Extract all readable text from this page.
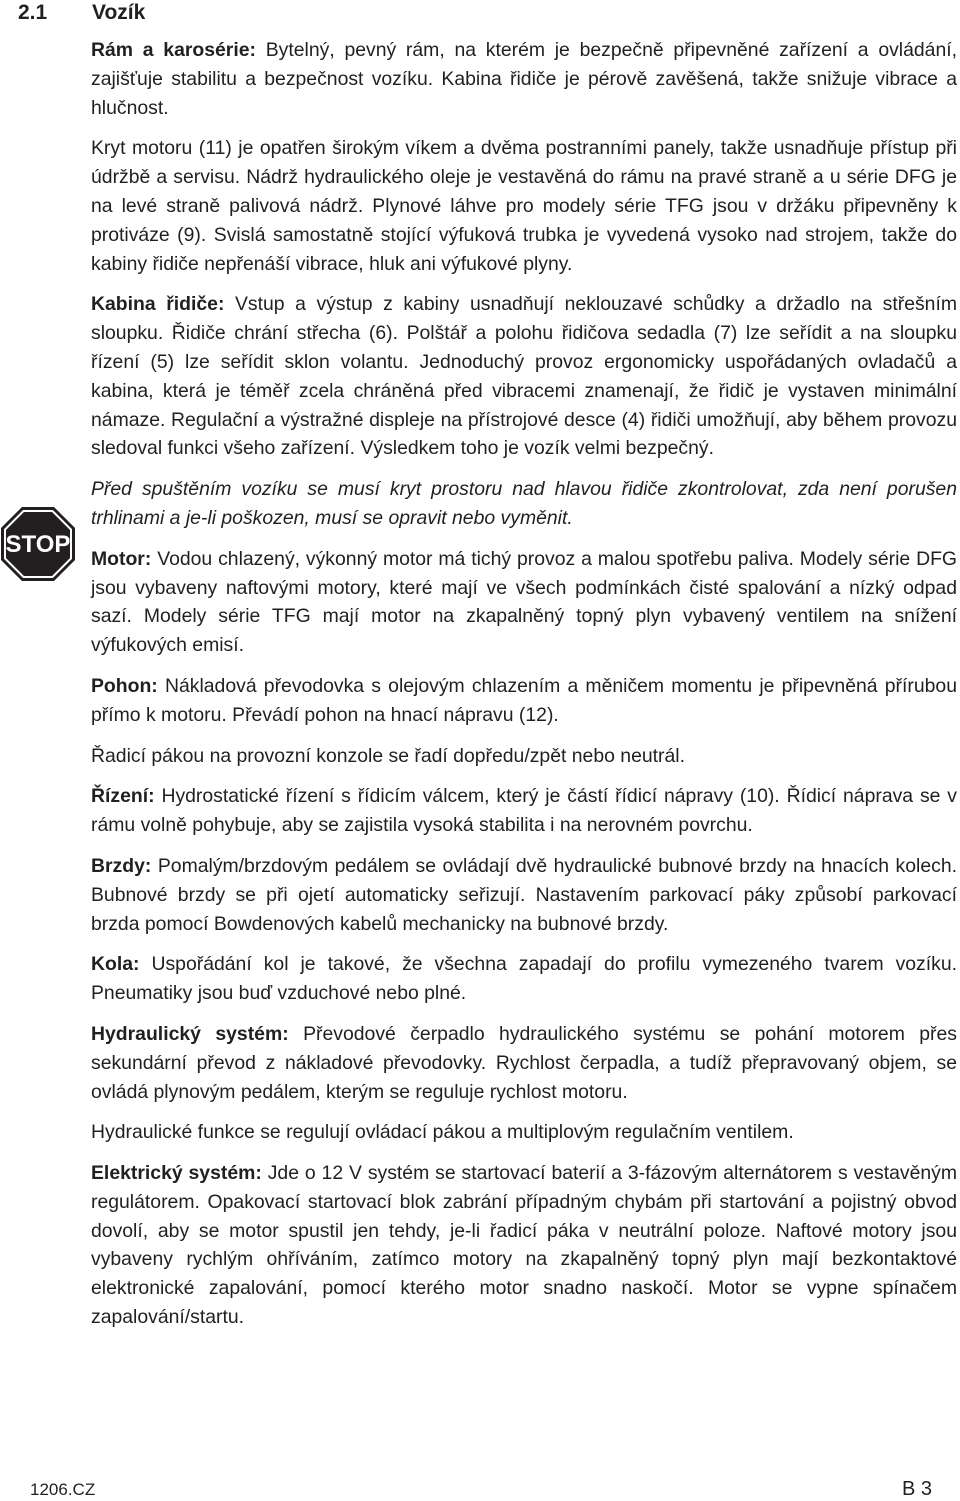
2.1 Vozík
STOP

Rám a karosérie: Bytelný, pevný rám, na kterém je bezpečně připevněné zařízení a ovládání, zajišťuje stabilitu a bezpečnost vozíku. Kabina řidiče je pérově zavěšená, takže snižuje vibrace a hlučnost.

Kryt motoru (11) je opatřen širokým víkem a dvěma postranními panely, takže usnadňuje přístup při údržbě a servisu. Nádrž hydraulického oleje je vestavěná do rámu na pravé straně a u série DFG je na levé straně palivová nádrž. Plynové láhve pro modely série TFG jsou v držáku připevněny k protiváze (9). Svislá samostatně stojící výfuková trubka je vyvedená vysoko nad strojem, takže do kabiny řidiče nepřenáší vibrace, hluk ani výfukové plyny.

Kabina řidiče: Vstup a výstup z kabiny usnadňují neklouzavé schůdky a držadlo na střešním sloupku. Řidiče chrání střecha (6). Polštář a polohu řidičova sedadla (7) lze seřídit a na sloupku řízení (5) lze seřídit sklon volantu. Jednoduchý provoz ergonomicky uspořádaných ovladačů a kabina, která je téměř zcela chráněná před vibracemi znamenají, že řidič je vystaven minimální námaze. Regulační a výstražné displeje na přístrojové desce (4) řidiči umožňují, aby během provozu sledoval funkci všeho zařízení. Výsledkem toho je vozík velmi bezpečný.

Před spuštěním vozíku se musí kryt prostoru nad hlavou řidiče zkontrolovat, zda není porušen trhlinami a je-li poškozen, musí se opravit nebo vyměnit.

Motor: Vodou chlazený, výkonný motor má tichý provoz a malou spotřebu paliva. Modely série DFG jsou vybaveny naftovými motory, které mají ve všech podmínkách čisté spalování a nízký odpad sazí. Modely série TFG mají motor na zkapalněný topný plyn vybavený ventilem na snížení výfukových emisí.

Pohon: Nákladová převodovka s olejovým chlazením a měničem momentu je připevněná přírubou přímo k motoru. Převádí pohon na hnací nápravu (12).

Řadicí pákou na provozní konzole se řadí dopředu/zpět nebo neutrál.

Řízení: Hydrostatické řízení s řídicím válcem, který je částí řídicí nápravy (10). Řídicí náprava se v rámu volně pohybuje, aby se zajistila vysoká stabilita i na nerovném povrchu.

Brzdy: Pomalým/brzdovým pedálem se ovládají dvě hydraulické bubnové brzdy na hnacích kolech. Bubnové brzdy se při ojetí automaticky seřizují. Nastavením parkovací páky způsobí parkovací brzda pomocí Bowdenových kabelů mechanicky na bubnové brzdy.

Kola: Uspořádání kol je takové, že všechna zapadají do profilu vymezeného tvarem vozíku. Pneumatiky jsou buď vzduchové nebo plné.

Hydraulický systém: Převodové čerpadlo hydraulického systému se pohání motorem přes sekundární převod z nákladové převodovky. Rychlost čerpadla, a tudíž přepravovaný objem, se ovládá plynovým pedálem, kterým se reguluje rychlost motoru.

Hydraulické funkce se regulují ovládací pákou a multiplovým regulačním ventilem.

Elektrický systém: Jde o 12 V systém se startovací baterií a 3-fázovým alternátorem s vestavěným regulátorem. Opakovací startovací blok zabrání případným chybám při startování a pojistný obvod dovolí, aby se motor spustil jen tehdy, je-li řadicí páka v neutrální poloze. Naftové motory jsou vybaveny rychlým ohříváním, zatímco motory na zkapalněný topný plyn mají bezkontaktové elektronické zapalování, pomocí kterého motor snadno naskočí. Motor se vypne spínačem zapalování/startu.

1206.CZ	B 3
